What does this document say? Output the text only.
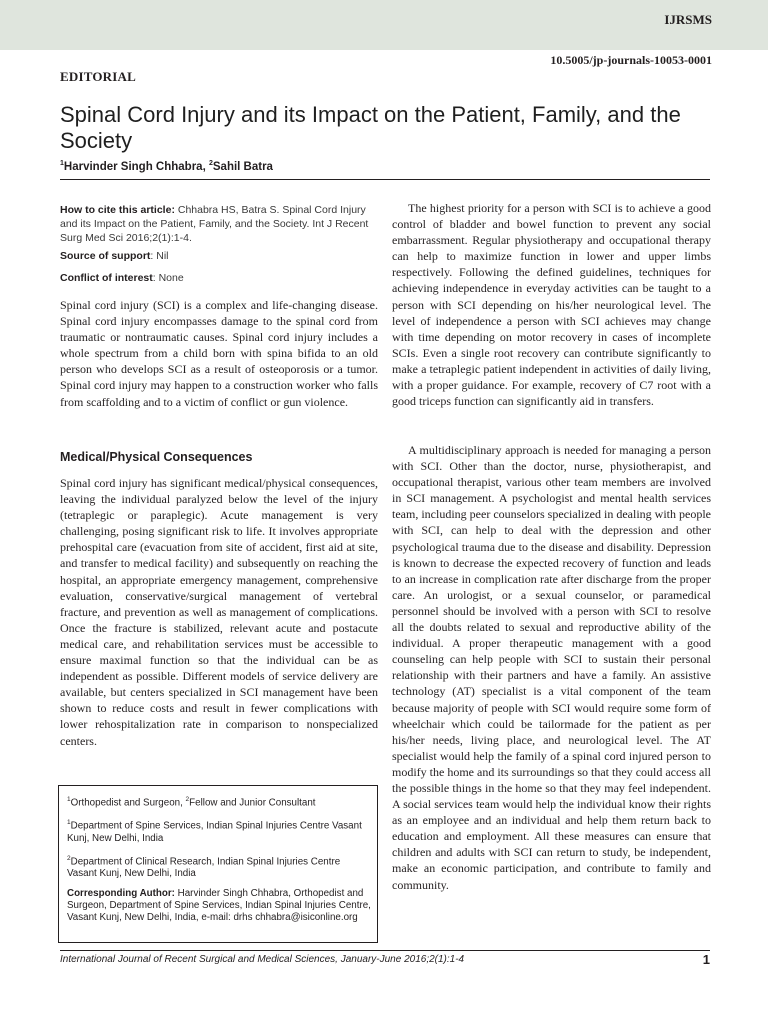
IJRSMS
10.5005/jp-journals-10053-0001
EDITORIAL
Spinal Cord Injury and its Impact on the Patient, Family, and the Society
$^1$Harvinder Singh Chhabra, $^2$Sahil Batra
How to cite this article: Chhabra HS, Batra S. Spinal Cord Injury and its Impact on the Patient, Family, and the Society. Int J Recent Surg Med Sci 2016;2(1):1-4.
Source of support: Nil
Conflict of interest: None

Spinal cord injury (SCI) is a complex and life-changing disease. Spinal cord injury encompasses damage to the spinal cord from traumatic or nontraumatic causes. Spinal cord injury includes a whole spectrum from a child born with spina bifida to an old person who develops SCI as a result of osteoporosis or a tumor. Spinal cord injury may happen to a construction worker who falls from scaffolding and to a victim of conflict or gun violence.

Medical/Physical Consequences

Spinal cord injury has significant medical/physical consequences, leaving the individual paralyzed below the level of the injury (tetraplegic or paraplegic). Acute management is very challenging, posing significant risk to life. It involves appropriate prehospital care (evacuation from site of accident, first aid at site, and transfer to medical facility) and subsequently on reaching the hospital, an appropriate emergency management, comprehensive evaluation, conservative/surgical management of vertebral fracture, and prevention as well as management of complications. Once the fracture is stabilized, relevant acute and postacute medical care, and rehabilitation services must be accessible to ensure maximal function so that the individual can be as independent as possible. Different models of service delivery are available, but centers specialized in SCI management have been shown to reduce costs and result in fewer complications with lower rehospitalization rate in comparison to nonspecialized centers.

The highest priority for a person with SCI is to achieve a good control of bladder and bowel function to prevent any social embarrassment. Regular physiotherapy and occupational therapy can help to maximize function in lower and upper limbs respectively. Following the defined guidelines, techniques for achieving independence in everyday activities can be taught to a person with SCI depending on his/her neurological level. The level of independence a person with SCI achieves may change with time depending on motor recovery in cases of incomplete SCIs. Even a single root recovery can contribute significantly to make a tetraplegic patient independent in activities of daily living, with a proper guidance. For example, recovery of C7 root with a good triceps function can significantly aid in transfers.

A multidisciplinary approach is needed for managing a person with SCI. Other than the doctor, nurse, physiotherapist, and occupational therapist, various other team members are involved in SCI management. A psychologist and mental health services team, including peer counselors specialized in dealing with people with SCI, can help to deal with the depression and other psychological trauma due to the disease and disability. Depression is known to decrease the expected recovery of function and leads to an increase in complication rate after discharge from the proper care. An urologist, or a sexual counselor, or paramedical personnel should be involved with a person with SCI to resolve all the doubts related to sexual and reproductive ability of the individual. A proper therapeutic management with a good counseling can help people with SCI to sustain their personal relationship with their partners and have a family. An assistive technology (AT) specialist is a vital component of the team because majority of people with SCI would require some form of wheelchair which could be tailormade for the patient as per his/her needs, living place, and neurological level. The AT specialist would help the family of a spinal cord injured person to modify the home and its surroundings so that they could access all the possible things in the home so that they may feel independent. A social services team would help the individual know their rights as an employee and an individual and help them return back to education and employment. All these measures can ensure that children and adults with SCI can return to study, be independent, make an economic participation, and contribute to family and community.

$^1$Orthopedist and Surgeon, $^2$Fellow and Junior Consultant

$^1$Department of Spine Services, Indian Spinal Injuries Centre Vasant Kunj, New Delhi, India

$^2$Department of Clinical Research, Indian Spinal Injuries Centre Vasant Kunj, New Delhi, India

Corresponding Author: Harvinder Singh Chhabra, Orthopedist and Surgeon, Department of Spine Services, Indian Spinal Injuries Centre, Vasant Kunj, New Delhi, India, e-mail: drhs chhabra@isiconline.org

International Journal of Recent Surgical and Medical Sciences, January-June 2016;2(1):1-4	1
